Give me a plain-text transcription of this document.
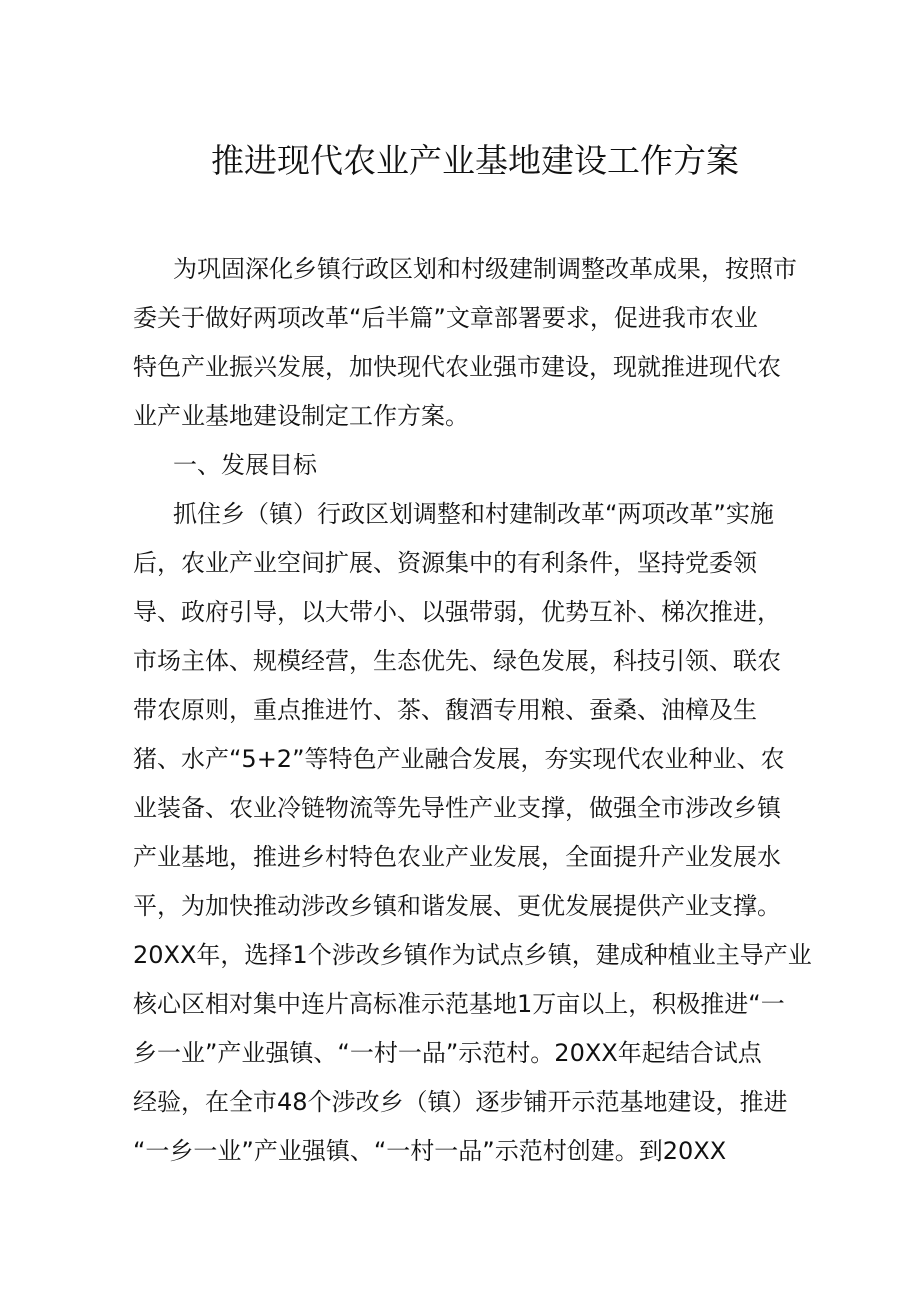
推进现代农业产业基地建设工作方案
为巩固深化乡镇行政区划和村级建制调整改革成果，按照市
委关于做好两项改革“后半篇”文章部署要求，促进我市农业
特色产业振兴发展，加快现代农业强市建设，现就推进现代农
业产业基地建设制定工作方案。
一、发展目标
抓住乡（镇）行政区划调整和村建制改革“两项改革”实施
后，农业产业空间扩展、资源集中的有利条件，坚持党委领
导、政府引导，以大带小、以强带弱，优势互补、梯次推进，
市场主体、规模经营，生态优先、绿色发展，科技引领、联农
带农原则，重点推进竹、茶、馥酒专用粮、蚕桑、油樟及生
猪、水产“5+2”等特色产业融合发展，夯实现代农业种业、农
业装备、农业冷链物流等先导性产业支撑，做强全市涉改乡镇
产业基地，推进乡村特色农业产业发展，全面提升产业发展水
平，为加快推动涉改乡镇和谐发展、更优发展提供产业支撑。
20XX年，选择1个涉改乡镇作为试点乡镇，建成种植业主导产业
核心区相对集中连片高标准示范基地1万亩以上，积极推进“一
乡一业”产业强镇、“一村一品”示范村。20XX年起结合试点
经验，在全市48个涉改乡（镇）逐步铺开示范基地建设，推进
“一乡一业”产业强镇、“一村一品”示范村创建。到20XX
